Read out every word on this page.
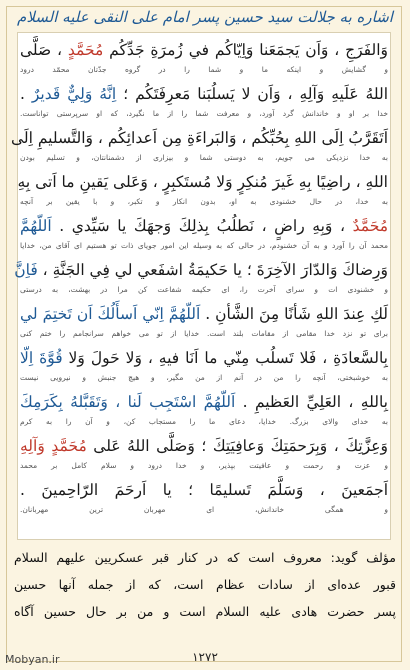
اشاره به جلالت سید حسین پسر امام علی النقی علیه السلام
وَالفَرَجِ ، وَاَن يَجمَعَنا وَاِيّاكُم في زُمرَةِ جَدِّكُم مُحَمَّدٍ ، صَلَّى
و گشايش و اينكه ما و شما را در گروه جدّتان محمّد درود
اللهُ عَلَيهِ وَآلِهِ ، وَاَن لا يَسلُبَنا مَعرِفَتَكُم ؛ اِنَّهُ وَلِيٌّ قَديرٌ .
خدا بر او و خاندانش گرد آورد، و معرفت شما را از ما نگيرد، كه او سرپرستى تواناست.
اَتَقَرَّبُ اِلَى اللهِ بِحُبِّكُم ، وَالبَراءَةِ مِن اَعدائِكُم ، وَالتَّسليمِ اِلَى
به خدا نزديكى مى جويم، به دوستى شما و بيزارى از دشمنانتان، و تسليم بودن
اللهِ ، راضِيًا بِهِ غَيرَ مُنكِرٍ وَلا مُستَكبِرٍ ، وَعَلى يَقينِ ما اَتى بِهِ
به خدا، در حال خشنودى به او، بدون انكار و تكبر، و با يقين بر آنچه
مُحَمَّدٌ ، وَبِهِ راضٍ ، نَطلُبُ بِذلِكَ وَجهَكَ يا سَيِّدي . اَللّهُمَّ
محمد آن را آورد و به آن خشنودم، در حالى كه به وسيله اين امور جويای ذات تو هستيم اى آقاى من، خدايا
وَرِضاكَ وَالدّارَ الآخِرَةَ ؛ يا حَكيمَةُ اشفَعي لي فِي الجَنَّةِ ، فَاِنَّ
و خشنودى ات و سراى آخرت را، اى حكيمه شفاعت كن مرا در بهشت، به درستى
لَكِ عِندَ اللهِ شَأنًا مِنَ الشَّأنِ . اَللّهُمَّ اِنّي اَسأَلُكَ اَن تَختِمَ لي
براى تو نزد خدا مقامى از مقامات بلند است. خدايا از تو مى خواهم سرانجامم را ختم كنى
بِالسَّعادَةِ ، فَلا تَسلُب مِنّي ما اَنَا فيهِ ، وَلا حَولَ وَلا قُوَّةَ اِلّا
به خوشبختى، آنچه را من در آنم از من مگير، و هيچ جنبش و نيرويى نيست
بِاللهِ ، العَلِيِّ العَظيمِ . اَللّهُمَّ اسْتَجِب لَنا ، وَتَقَبَّلهُ بِكَرَمِكَ
به خداى والاى بزرگ. خدايا، دعاى ما را مستجاب كن، و آن را به كرم
وَعِزَّتِكَ ، وَبِرَحمَتِكَ وَعافِيَتِكَ ؛ وَصَلَّى اللهُ عَلى مُحَمَّدٍ وَآلِهِ
و عزت و رحمت و عافيتت بپذير، و خدا درود و سلام كامل بر محمد
اَجمَعينَ ، وَسَلَّمَ تَسليمًا ؛ يا اَرحَمَ الرّاحِمينَ .
و همگى خاندانش، اى مهربان ترين مهربانان.
مؤلف گويد: معروف است كه در كنار قبر عسكريين عليهم السلام
قبور عده‌ای از سادات عظام است، كه از جمله آنها حسين
پسر حضرت هادى عليه السلام است و من بر حال حسين آگاه
Mobyan.ir	۱۲۷۲
